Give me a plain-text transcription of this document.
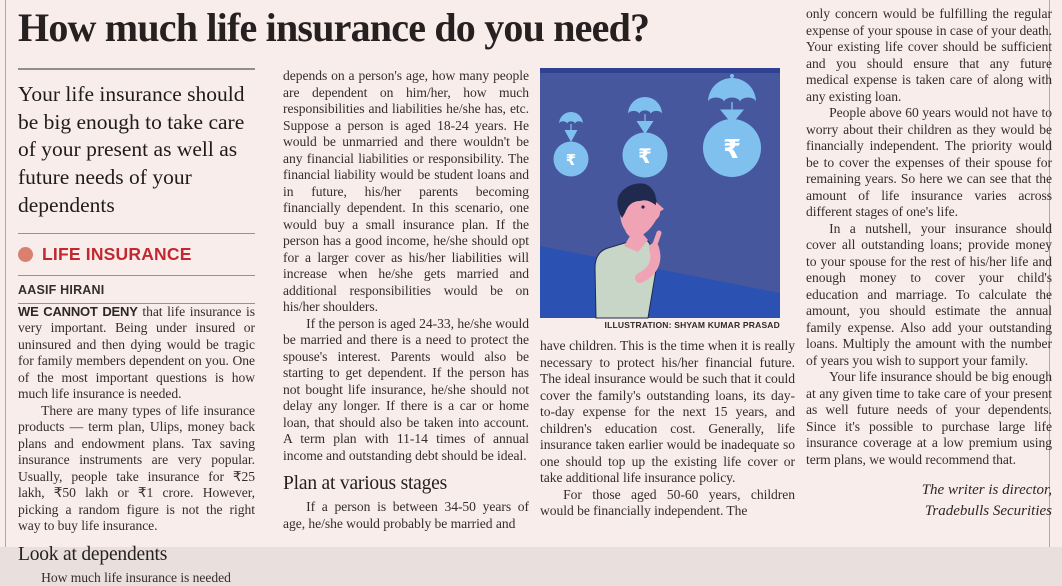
How much life insurance do you need?

Your life insurance should be big enough to take care of your present as well as future needs of your dependents

LIFE INSURANCE
AASIF HIRANI

WE CANNOT DENY that life insurance is very important. Being under insured or uninsured and then dying would be tragic for family members dependent on you. One of the most important questions is how much life insurance is needed.

There are many types of life insurance products — term plan, Ulips, money back plans and endowment plans. Tax saving insurance instruments are very popular. Usually, people take insurance for ₹25 lakh, ₹50 lakh or ₹1 crore. However, picking a random figure is not the right way to buy life insurance.

Look at dependents

How much life insurance is needed

depends on a person's age, how many people are dependent on him/her, how much responsibilities and liabilities he/she has, etc. Suppose a person is aged 18-24 years. He would be unmarried and there wouldn't be any financial liabilities or responsibility. The financial liability would be student loans and in future, his/her parents becoming financially dependent. In this scenario, one would buy a small insurance plan. If the person has a good income, he/she should opt for a larger cover as his/her liabilities will increase when he/she gets married and additional responsibilities would be on his/her shoulders.

If the person is aged 24-33, he/she would be married and there is a need to protect the spouse's interest. Parents would also be starting to get dependent. If the person has not bought life insurance, he/she should not delay any longer. If there is a car or home loan, that should also be taken into account. A term plan with 11-14 times of annual income and outstanding debt should be ideal.

Plan at various stages

If a person is between 34-50 years of age, he/she would probably be married and

₹	₹	₹
ILLUSTRATION: SHYAM KUMAR PRASAD

have children. This is the time when it is really necessary to protect his/her financial future. The ideal insurance would be such that it could cover the family's outstanding loans, its day-to-day expense for the next 15 years, and children's education cost. Generally, life insurance taken earlier would be inadequate so one should top up the existing life cover or take additional life insurance policy.

For those aged 50-60 years, children would be financially independent. The

only concern would be fulfilling the regular expense of your spouse in case of your death. Your existing life cover should be sufficient and you should ensure that any future medical expense is taken care of along with any existing loan.

People above 60 years would not have to worry about their children as they would be financially independent. The priority would be to cover the expenses of their spouse for remaining years. So here we can see that the amount of life insurance varies across different stages of one's life.

In a nutshell, your insurance should cover all outstanding loans; provide money to your spouse for the rest of his/her life and enough money to cover your child's education and marriage. To calculate the amount, you should estimate the annual family expense. Also add your outstanding loans. Multiply the amount with the number of years you wish to support your family.

Your life insurance should be big enough at any given time to take care of your present as well future needs of your dependents. Since it's possible to purchase large life insurance coverage at a low premium using term plans, we would recommend that.

The writer is director,
Tradebulls Securities
